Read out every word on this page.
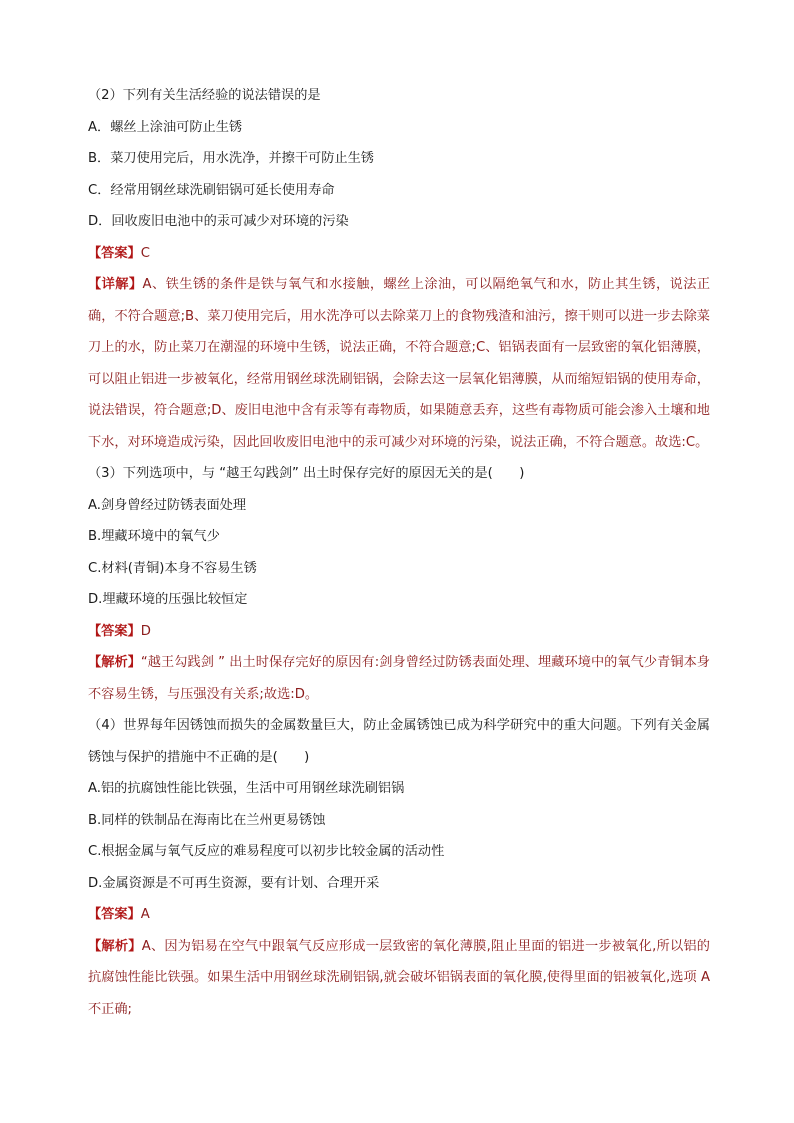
（2）下列有关生活经验的说法错误的是

A．螺丝上涂油可防止生锈

B．菜刀使用完后，用水洗净，并擦干可防止生锈

C．经常用钢丝球洗刷铝锅可延长使用寿命

D．回收废旧电池中的汞可减少对环境的污染

【答案】C

【详解】A、铁生锈的条件是铁与氧气和水接触，螺丝上涂油，可以隔绝氧气和水，防止其生锈，说法正确，不符合题意;B、菜刀使用完后，用水洗净可以去除菜刀上的食物残渣和油污，擦干则可以进一步去除菜刀上的水，防止菜刀在潮湿的环境中生锈，说法正确，不符合题意;C、铝锅表面有一层致密的氧化铝薄膜，可以阻止铝进一步被氧化，经常用钢丝球洗刷铝锅，会除去这一层氧化铝薄膜，从而缩短铝锅的使用寿命，说法错误，符合题意;D、废旧电池中含有汞等有毒物质，如果随意丢弃，这些有毒物质可能会渗入土壤和地下水，对环境造成污染，因此回收废旧电池中的汞可减少对环境的污染，说法正确，不符合题意。故选:C。

（3）下列选项中，与 “越王勾践剑” 出土时保存完好的原因无关的是(　　)

A.剑身曾经过防锈表面处理

B.埋藏环境中的氧气少

C.材料(青铜)本身不容易生锈

D.埋藏环境的压强比较恒定

【答案】D

【解析】“越王勾践剑 ” 出土时保存完好的原因有:剑身曾经过防锈表面处理、埋藏环境中的氧气少青铜本身不容易生锈，与压强没有关系;故选:D。

（4）世界每年因锈蚀而损失的金属数量巨大，防止金属锈蚀已成为科学研究中的重大问题。下列有关金属锈蚀与保护的措施中不正确的是(　　)

A.铝的抗腐蚀性能比铁强，生活中可用钢丝球洗刷铝锅

B.同样的铁制品在海南比在兰州更易锈蚀

C.根据金属与氧气反应的难易程度可以初步比较金属的活动性

D.金属资源是不可再生资源，要有计划、合理开采

【答案】A

【解析】A、因为铝易在空气中跟氧气反应形成一层致密的氧化薄膜,阻止里面的铝进一步被氧化,所以铝的抗腐蚀性能比铁强。如果生活中用钢丝球洗刷铝锅,就会破坏铝锅表面的氧化膜,使得里面的铝被氧化,选项 A 不正确;
